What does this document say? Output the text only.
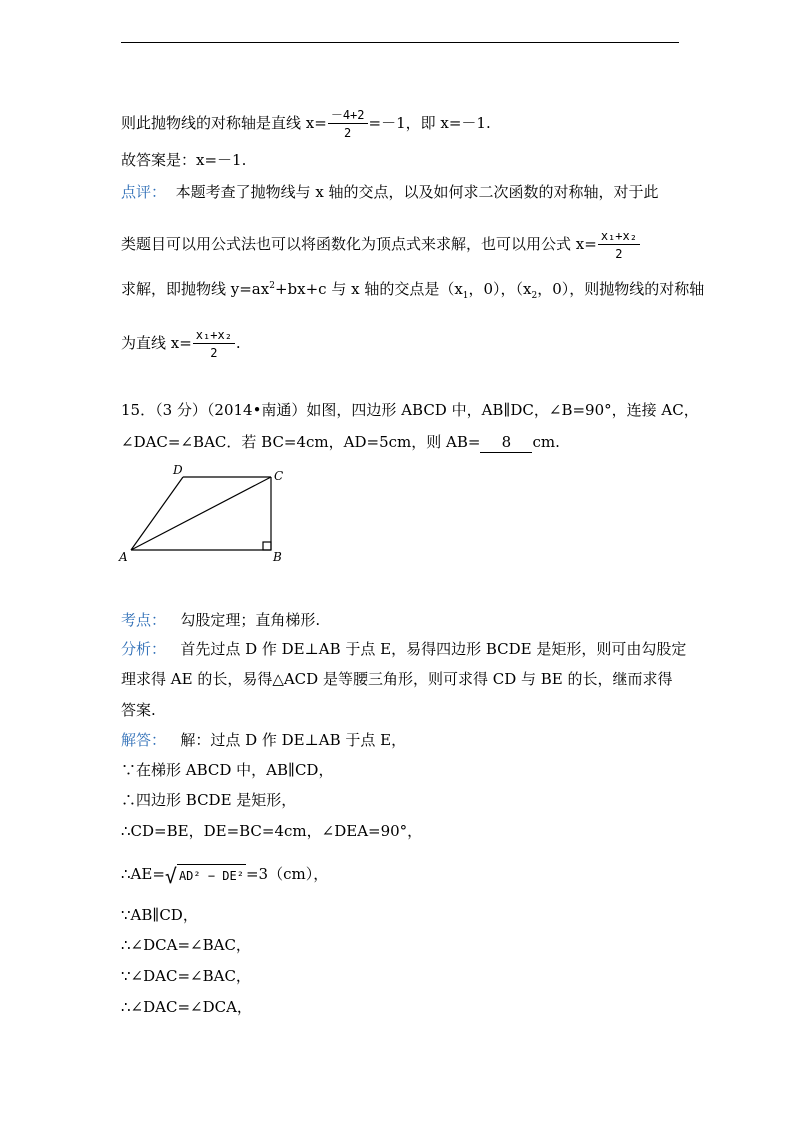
则此抛物线的对称轴是直线 $x= \frac{-4+2}{2} =-1$，即 x=－1.
故答案是：x=－1.
点评： 本题考查了抛物线与 x 轴的交点，以及如何求二次函数的对称轴，对于此
类题目可以用公式法也可以将函数化为顶点式来求解，也可以用公式 $x= \frac{\text{x₁+x₂}}{2}$
求解，即抛物线 $y=ax^2+bx+c$ 与 x 轴的交点是（$x_1$，0），（$x_2$，0），则抛物线的对称轴
为直线 $x= \frac{\text{x₁+x₂}}{2}$ .
15．（3 分）（2014•南通）如图，四边形 ABCD 中，AB∥DC，∠B=90°，连接 AC，
∠DAC=∠BAC．若 BC=4cm，AD=5cm，则 AB= 8 cm.
A	B
C
D
考点： 勾股定理；直角梯形.
分析： 首先过点 D 作 DE⊥AB 于点 E，易得四边形 BCDE 是矩形，则可由勾股定
理求得 AE 的长，易得△ACD 是等腰三角形，则可求得 CD 与 BE 的长，继而求得
答案.
解答： 解：过点 D 作 DE⊥AB 于点 E，
∵在梯形 ABCD 中，AB∥CD，
∴四边形 BCDE 是矩形，
∴CD=BE，DE=BC=4cm，∠DEA=90°，
∴AE=√ AD² − DE² =3（cm），
∵AB∥CD，
∴∠DCA=∠BAC，
∵∠DAC=∠BAC，
∴∠DAC=∠DCA，
